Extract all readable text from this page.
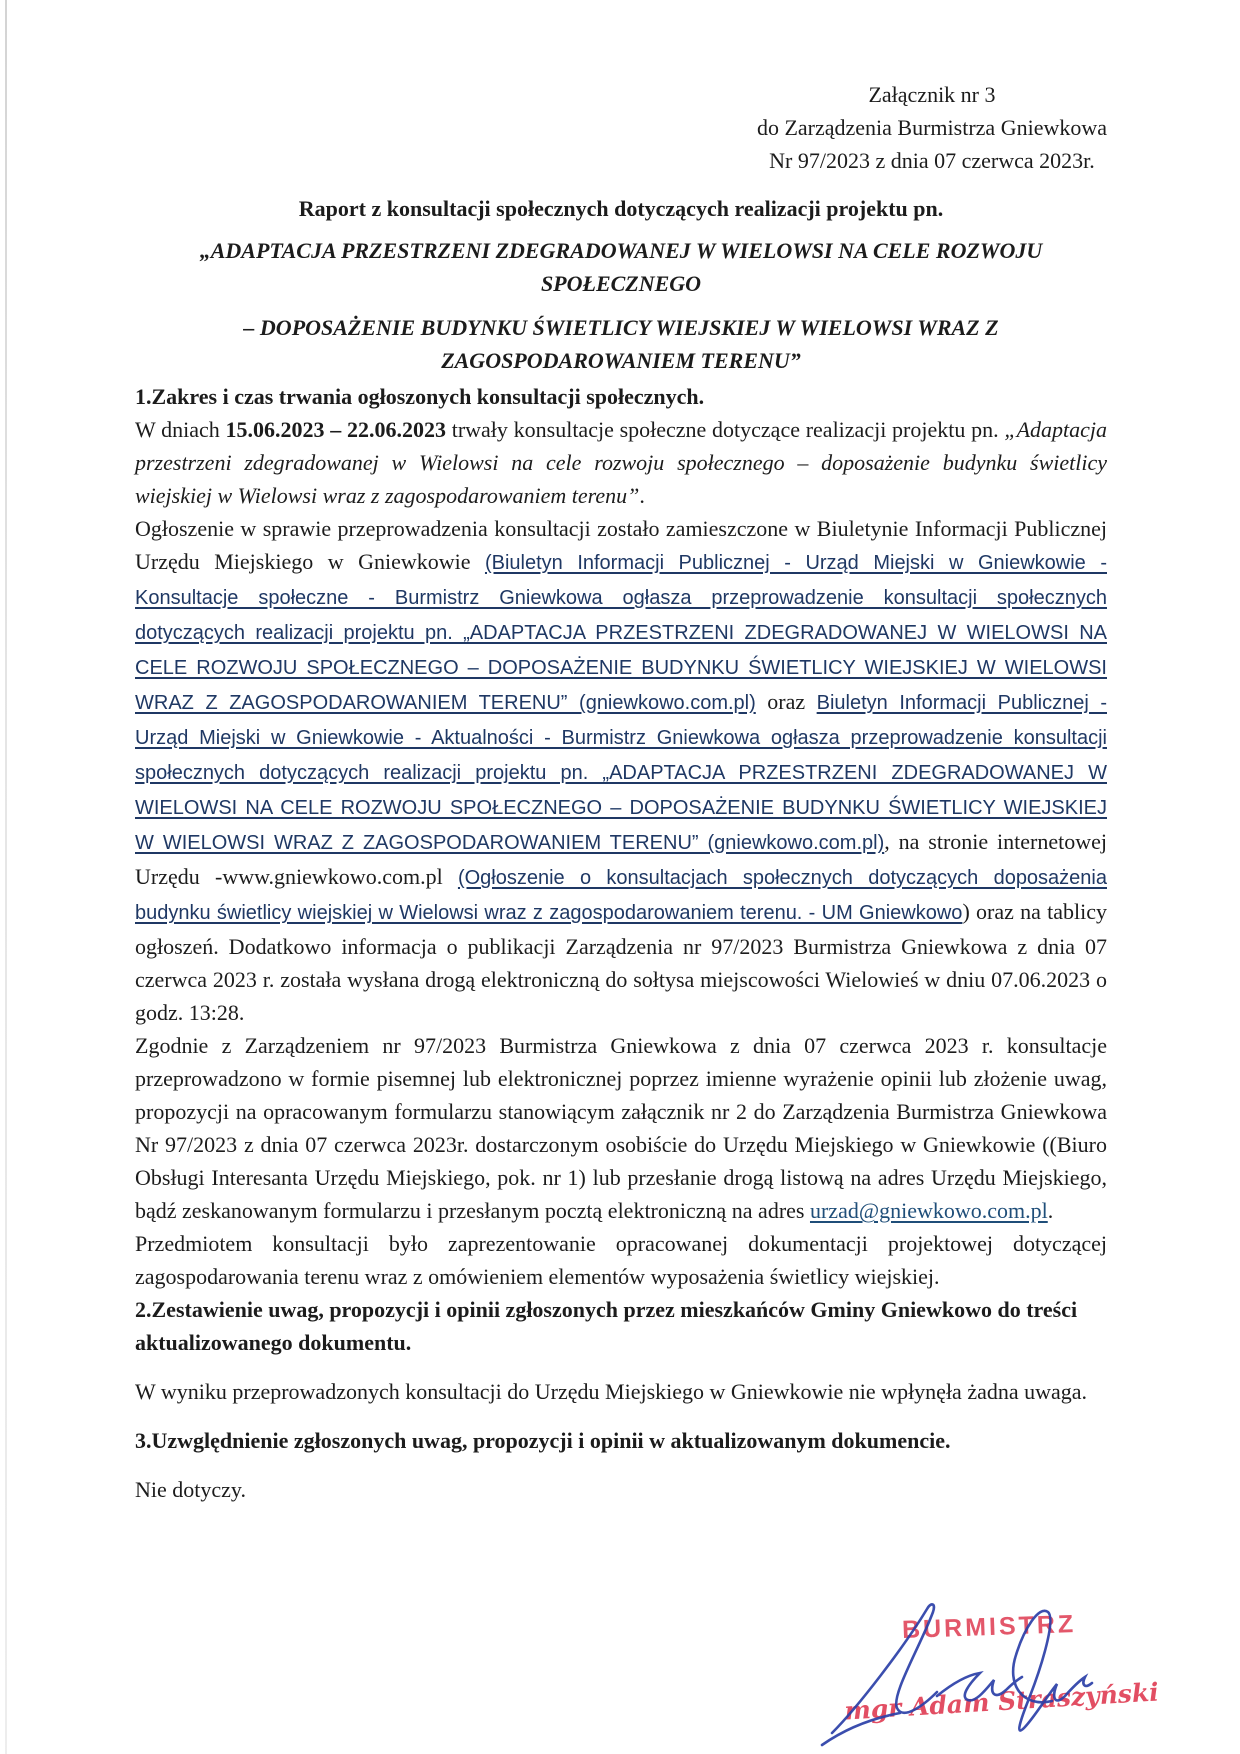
Załącznik nr 3
do Zarządzenia Burmistrza Gniewkowa
Nr 97/2023 z dnia 07 czerwca 2023r.
Raport z konsultacji społecznych dotyczących realizacji projektu pn.
„ADAPTACJA PRZESTRZENI ZDEGRADOWANEJ W WIELOWSI NA CELE ROZWOJU SPOŁECZNEGO
– DOPOSAŻENIE BUDYNKU ŚWIETLICY WIEJSKIEJ W WIELOWSI WRAZ Z ZAGOSPODAROWANIEM TERENU”
1.Zakres i czas trwania ogłoszonych konsultacji społecznych.

W dniach 15.06.2023 – 22.06.2023 trwały konsultacje społeczne dotyczące realizacji projektu pn. „Adaptacja przestrzeni zdegradowanej w Wielowsi na cele rozwoju społecznego – doposażenie budynku świetlicy wiejskiej w Wielowsi wraz z zagospodarowaniem terenu”.

Ogłoszenie w sprawie przeprowadzenia konsultacji zostało zamieszczone w Biuletynie Informacji Publicznej Urzędu Miejskiego w Gniewkowie (Biuletyn Informacji Publicznej - Urząd Miejski w Gniewkowie - Konsultacje społeczne - Burmistrz Gniewkowa ogłasza przeprowadzenie konsultacji społecznych dotyczących realizacji projektu pn. „ADAPTACJA PRZESTRZENI ZDEGRADOWANEJ W WIELOWSI NA CELE ROZWOJU SPOŁECZNEGO – DOPOSAŻENIE BUDYNKU ŚWIETLICY WIEJSKIEJ W WIELOWSI WRAZ Z ZAGOSPODAROWANIEM TERENU” (gniewkowo.com.pl) oraz Biuletyn Informacji Publicznej - Urząd Miejski w Gniewkowie - Aktualności - Burmistrz Gniewkowa ogłasza przeprowadzenie konsultacji społecznych dotyczących realizacji projektu pn. „ADAPTACJA PRZESTRZENI ZDEGRADOWANEJ W WIELOWSI NA CELE ROZWOJU SPOŁECZNEGO – DOPOSAŻENIE BUDYNKU ŚWIETLICY WIEJSKIEJ W WIELOWSI WRAZ Z ZAGOSPODAROWANIEM TERENU” (gniewkowo.com.pl), na stronie internetowej Urzędu -www.gniewkowo.com.pl (Ogłoszenie o konsultacjach społecznych dotyczących doposażenia budynku świetlicy wiejskiej w Wielowsi wraz z zagospodarowaniem terenu. - UM Gniewkowo) oraz na tablicy ogłoszeń. Dodatkowo informacja o publikacji Zarządzenia nr 97/2023 Burmistrza Gniewkowa z dnia 07 czerwca 2023 r. została wysłana drogą elektroniczną do sołtysa miejscowości Wielowieś w dniu 07.06.2023 o godz. 13:28.

Zgodnie z Zarządzeniem nr 97/2023 Burmistrza Gniewkowa z dnia 07 czerwca 2023 r. konsultacje przeprowadzono w formie pisemnej lub elektronicznej poprzez imienne wyrażenie opinii lub złożenie uwag, propozycji na opracowanym formularzu stanowiącym załącznik nr 2 do Zarządzenia Burmistrza Gniewkowa Nr 97/2023 z dnia 07 czerwca 2023r. dostarczonym osobiście do Urzędu Miejskiego w Gniewkowie ((Biuro Obsługi Interesanta Urzędu Miejskiego, pok. nr 1) lub przesłanie drogą listową na adres Urzędu Miejskiego, bądź zeskanowanym formularzu i przesłanym pocztą elektroniczną na adres urzad@gniewkowo.com.pl.

Przedmiotem konsultacji było zaprezentowanie opracowanej dokumentacji projektowej dotyczącej zagospodarowania terenu wraz z omówieniem elementów wyposażenia świetlicy wiejskiej.

2.Zestawienie uwag, propozycji i opinii zgłoszonych przez mieszkańców Gminy Gniewkowo do treści aktualizowanego dokumentu.

W wyniku przeprowadzonych konsultacji do Urzędu Miejskiego w Gniewkowie nie wpłynęła żadna uwaga.

3.Uzwględnienie zgłoszonych uwag, propozycji i opinii w aktualizowanym dokumencie.

Nie dotyczy.

BURMISTRZ
mgr Adam Straszyński
